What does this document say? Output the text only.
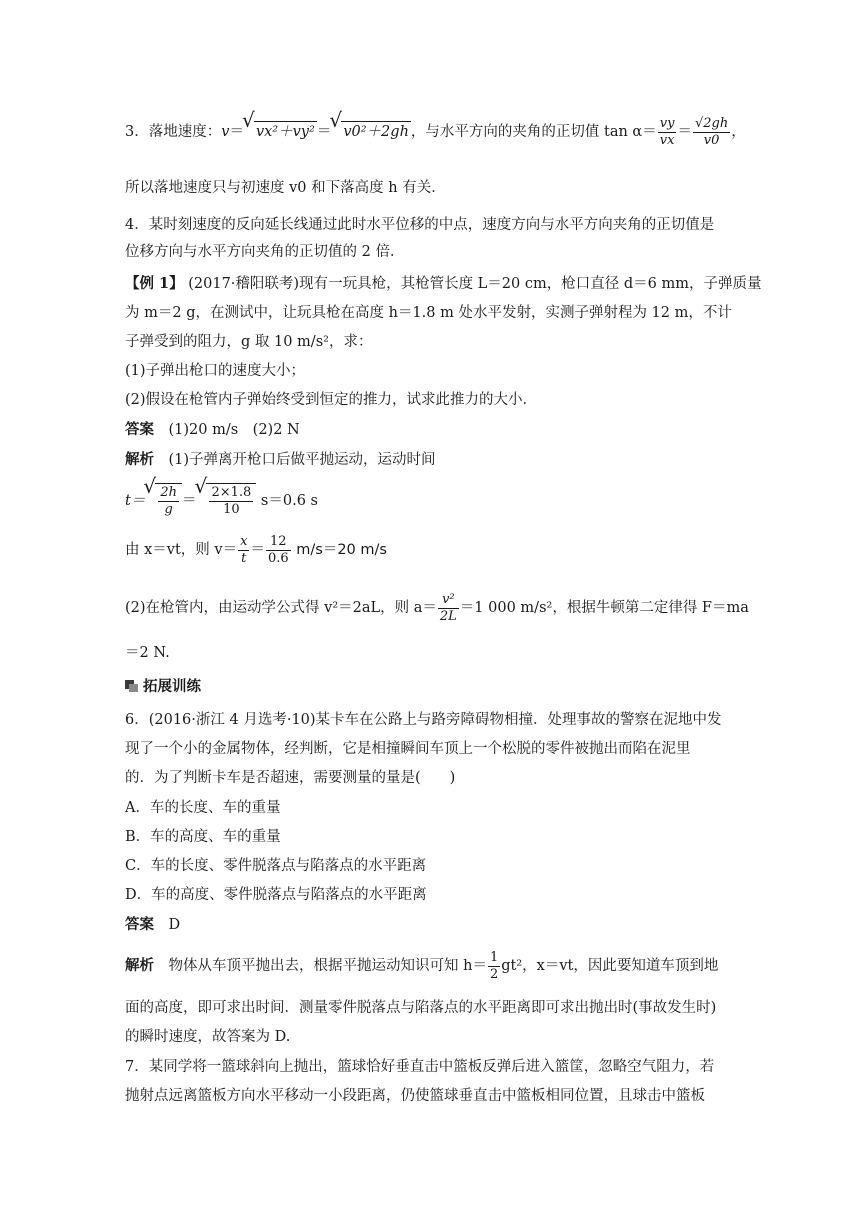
3．落地速度：v＝ √ vx²＋vy² ＝ √ v0²＋2gh ，与水平方向的夹角的正切值 $\tan \alpha= \frac{vy}{vx} = \frac{√2gh}{v0}$ ，
所以落地速度只与初速度 v0 和下落高度 h 有关．
4．某时刻速度的反向延长线通过此时水平位移的中点，速度方向与水平方向夹角的正切值是
位移方向与水平方向夹角的正切值的 2 倍．
【例 1】 (2017·稽阳联考)现有一玩具枪，其枪管长度 L＝20 cm，枪口直径 d＝6 mm，子弹质量
为 m＝2 g，在测试中，让玩具枪在高度 h＝1.8 m 处水平发射，实测子弹射程为 12 m，不计
子弹受到的阻力，g 取 10 m/s²，求：
(1)子弹出枪口的速度大小；
(2)假设在枪管内子弹始终受到恒定的推力，试求此推力的大小．
答案　 (1)20 m/s　(2)2 N
解析　 (1)子弹离开枪口后做平抛运动，运动时间
t＝ √ $\frac{2h}{g}$ ＝ √ $\frac{2\times 1.8}{10} s=0.6$ s
由 x＝vt，则 $v= \frac{x}{t} = \frac{12}{0.6} m/s=20$ m/s
(2)在枪管内，由运动学公式得 v²＝2aL，则 $a= \frac{\text{v²}}{2L} =1$ 000 m/s²，根据牛顿第二定律得 F＝ma
＝2 N.
拓展训练
6．(2016·浙江 4 月选考·10)某卡车在公路上与路旁障碍物相撞．处理事故的警察在泥地中发
现了一个小的金属物体，经判断，它是相撞瞬间车顶上一个松脱的零件被抛出而陷在泥里
的．为了判断卡车是否超速，需要测量的量是(　　)
A．车的长度、车的重量
B．车的高度、车的重量
C．车的长度、零件脱落点与陷落点的水平距离
D．车的高度、零件脱落点与陷落点的水平距离
答案　 D
解析　 物体从车顶平抛出去，根据平抛运动知识可知 $h= \frac{1}{2} gt^2$，x＝vt，因此要知道车顶到地
面的高度，即可求出时间．测量零件脱落点与陷落点的水平距离即可求出抛出时(事故发生时)
的瞬时速度，故答案为 D.
7．某同学将一篮球斜向上抛出，篮球恰好垂直击中篮板反弹后进入篮筐，忽略空气阻力，若
抛射点远离篮板方向水平移动一小段距离，仍使篮球垂直击中篮板相同位置，且球击中篮板
